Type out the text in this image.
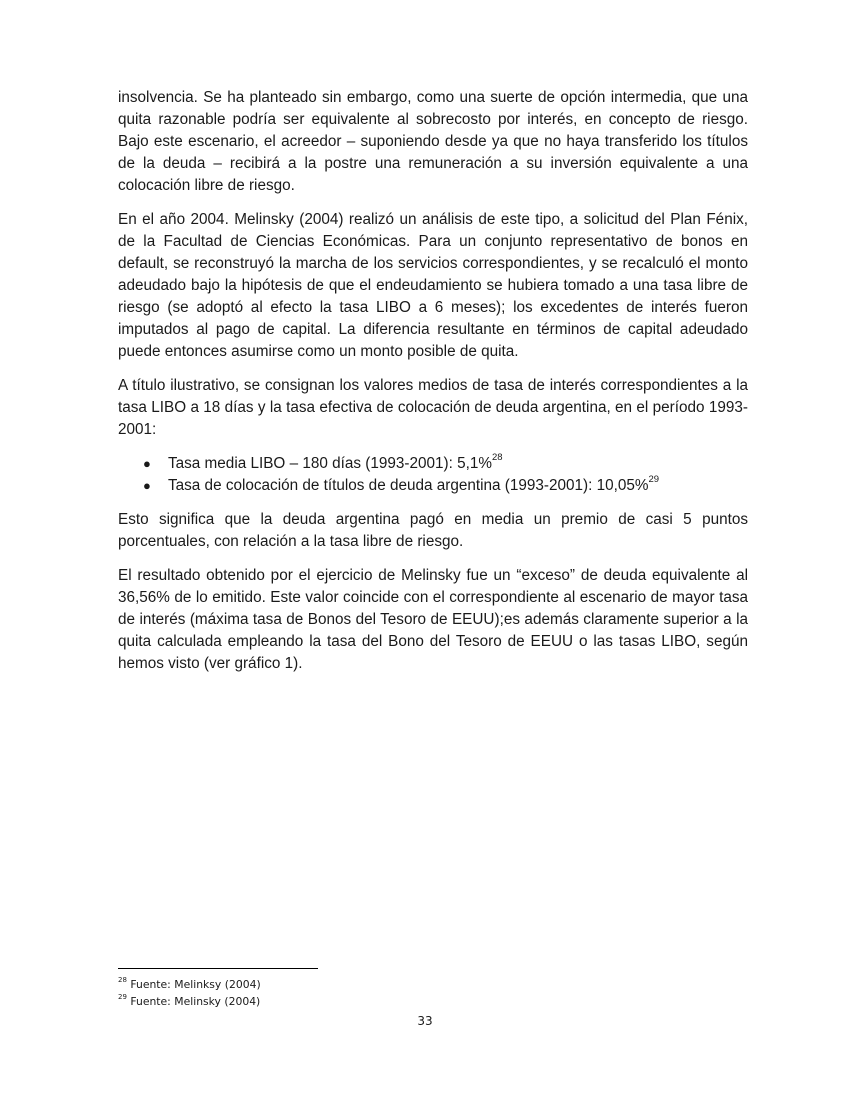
insolvencia. Se ha planteado sin embargo, como una suerte de opción intermedia, que una quita razonable podría ser equivalente al sobrecosto por interés, en concepto de riesgo. Bajo este escenario, el acreedor – suponiendo desde ya que no haya transferido los títulos de la deuda – recibirá a la postre una remuneración a su inversión equivalente a una colocación libre de riesgo.

En el año 2004. Melinsky (2004) realizó un análisis de este tipo, a solicitud del Plan Fénix, de la Facultad de Ciencias Económicas. Para un conjunto representativo de bonos en default, se reconstruyó la marcha de los servicios correspondientes, y se recalculó el monto adeudado bajo la hipótesis de que el endeudamiento se hubiera tomado a una tasa libre de riesgo (se adoptó al efecto la tasa LIBO a 6 meses); los excedentes de interés fueron imputados al pago de capital. La diferencia resultante en términos de capital adeudado puede entonces asumirse como un monto posible de quita.

A título ilustrativo, se consignan los valores medios de tasa de interés correspondientes a la tasa LIBO a 18 días y la tasa efectiva de colocación de deuda argentina, en el período 1993-2001:

● Tasa media LIBO – 180 días (1993-2001): 5,1%$^{28}$
● Tasa de colocación de títulos de deuda argentina (1993-2001): 10,05%$^{29}$

Esto significa que la deuda argentina pagó en media un premio de casi 5 puntos porcentuales, con relación a la tasa libre de riesgo.

El resultado obtenido por el ejercicio de Melinsky fue un “exceso” de deuda equivalente al 36,56% de lo emitido. Este valor coincide con el correspondiente al escenario de mayor tasa de interés (máxima tasa de Bonos del Tesoro de EEUU);es además claramente superior a la quita calculada empleando la tasa del Bono del Tesoro de EEUU o las tasas LIBO, según hemos visto (ver gráfico 1).

$^{28}$ Fuente: Melinksy (2004)
$^{29}$ Fuente: Melinsky (2004)
33
